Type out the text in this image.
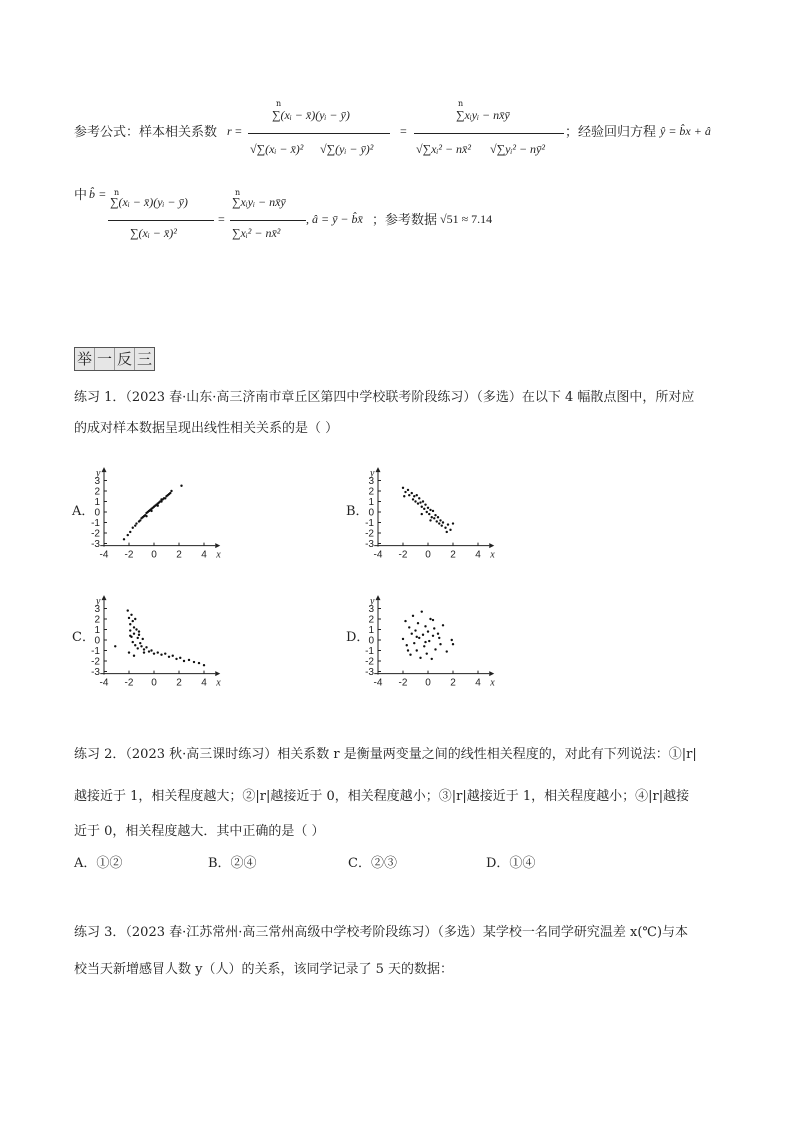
参考公式：样本相关系数 r =
n
∑(xᵢ − x̄)(yᵢ − ȳ)
√∑(xᵢ − x̄)² √∑(yᵢ − ȳ)²
=
n
∑xᵢyᵢ − nx̄ȳ
√∑xᵢ² − nx̄² √∑yᵢ² − nȳ²
；经验回归方程 ŷ = b̂x + â
中 b̂ = n
∑(xᵢ − x̄)(yᵢ − ȳ)
∑(xᵢ − x̄)²
=
n
∑xᵢyᵢ − nx̄ȳ
∑xᵢ² − nx̄²
, â = ȳ − b̂x̄ ；参考数据 √51 ≈ 7.14
举 一 反 三
练习 1．（2023 春·山东·高三济南市章丘区第四中学校联考阶段练习）（多选）在以下 4 幅散点图中，所对应
的成对样本数据呈现出线性相关关系的是（ ）
A．	B．
C．	D．
3
2
1
0
-1
-2
-3
-4 -2 0 2 4
y
x
3
2
1
0
-1
-2
-3
-4 -2 0 2 4
y
x
3
2
1
0
-1
-2
-3
-4 -2 0 2 4
y
x
3
2
1
0
-1
-2
-3
-4 -2 0 2 4
y
x
练习 2．（2023 秋·高三课时练习）相关系数 r 是衡量两变量之间的线性相关程度的，对此有下列说法：①|r|
越接近于 1，相关程度越大；②|r|越接近于 0，相关程度越小；③|r|越接近于 1，相关程度越小；④|r|越接
近于 0，相关程度越大．其中正确的是（ ）
A．①②	B．②④	C．②③	D．①④
练习 3．（2023 春·江苏常州·高三常州高级中学校考阶段练习）（多选）某学校一名同学研究温差 x(℃)与本
校当天新增感冒人数 y（人）的关系，该同学记录了 5 天的数据：
